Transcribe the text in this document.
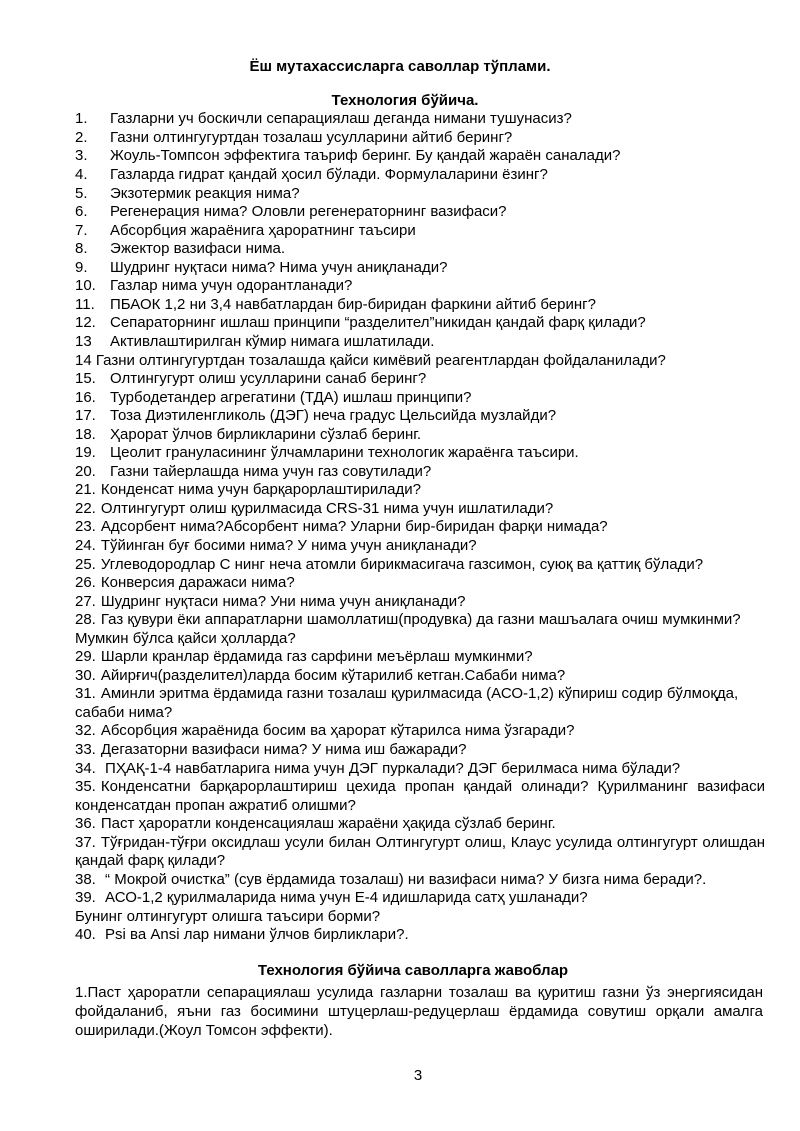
Ёш мутахассисларга саволлар тўплами.
Технология бўйича.
1. Газларни уч боскичли сепарациялаш деганда нимани тушунасиз?
2. Газни олтингугуртдан тозалаш усулларини айтиб беринг?
3. Жоуль-Томпсон эффектига таъриф беринг. Бу қандай жараён саналади?
4. Газларда гидрат қандай ҳосил бўлади. Формулаларини ёзинг?
5. Экзотермик реакция нима?
6. Регенерация нима? Оловли регенераторнинг вазифаси?
7. Абсорбция жараёнига ҳароратнинг таъсири
8. Эжектор вазифаси нима.
9. Шудринг нуқтаси нима? Нима учун аниқланади?
10. Газлар нима учун одорантланади?
11. ПБАОК 1,2 ни 3,4 навбатлардан бир-биридан фаркини айтиб беринг?
12. Сепараторнинг ишлаш принципи “разделител”никидан қандай фарқ қилади?
13 Активлаштирилган кўмир нимага ишлатилади.
14 Газни олтингугуртдан тозалашда қайси кимёвий реагентлардан фойдаланилади?
15. Олтингугурт олиш усулларини санаб беринг?
16. Турбодетандер агрегатини (ТДА) ишлаш принципи?
17. Тоза Диэтиленгликоль (ДЭГ) неча градус Цельсийда музлайди?
18. Ҳарорат ўлчов бирликларини сўзлаб беринг.
19. Цеолит грануласининг ўлчамларини технологик жараёнга таъсири.
20. Газни тайерлашда нима учун газ совутилади?
21. Конденсат нима учун барқарорлаштирилади?
22. Олтингугурт олиш қурилмасида CRS-31 нима учун ишлатилади?
23. Адсорбент нима?Абсорбент нима? Уларни бир-биридан фарқи нимада?
24. Тўйинган буғ босими нима? У нима учун аниқланади?
25. Углеводородлар С нинг неча атомли бирикмасигача газсимон, суюқ ва қаттиқ бўлади?
26. Конверсия даражаси нима?
27. Шудринг нуқтаси нима? Уни нима учун аниқланади?
28. Газ қувури ёки аппаратларни шамоллатиш(продувка) да газни машъалага очиш мумкинми? Мумкин бўлса қайси ҳолларда?
29. Шарли кранлар ёрдамида газ сарфини меъёрлаш мумкинми?
30. Айирғич(разделител)ларда босим кўтарилиб кетган.Сабаби нима?
31. Аминли эритма ёрдамида газни тозалаш қурилмасида (АСО-1,2) кўпириш содир бўлмоқда, сабаби нима?
32. Абсорбция жараёнида босим ва ҳарорат кўтарилса нима ўзгаради?
33. Дегазаторни вазифаси нима? У нима иш бажаради?
34. ПҲАҚ-1-4 навбатларига нима учун ДЭГ пуркалади? ДЭГ берилмаса нима бўлади?
35. Конденсатни барқарорлаштириш цехида пропан қандай олинади? Қурилманинг вазифаси конденсатдан пропан ажратиб олишми?
36. Паст ҳароратли конденсациялаш жараёни ҳақида сўзлаб беринг.
37. Тўғридан-тўғри оксидлаш усули билан Олтингугурт олиш, Клаус усулида олтингугурт олишдан қандай фарқ қилади?
38. “ Мокрой очистка” (сув ёрдамида тозалаш) ни вазифаси нима? У бизга нима беради?.
39. АСО-1,2 қурилмаларида нима учун Е-4 идишларида сатҳ ушланади?
Бунинг олтингугурт олишга таъсири борми?
40. Psi ва Ansi лар нимани ўлчов бирликлари?.
Технология бўйича саволларга жавоблар

1.Паст ҳароратли сепарациялаш усулида газларни тозалаш ва қуритиш газни ўз энергиясидан фойдаланиб, яъни газ босимини штуцерлаш-редуцерлаш ёрдамида совутиш орқали амалга оширилади.(Жоул Томсон эффекти).

3
